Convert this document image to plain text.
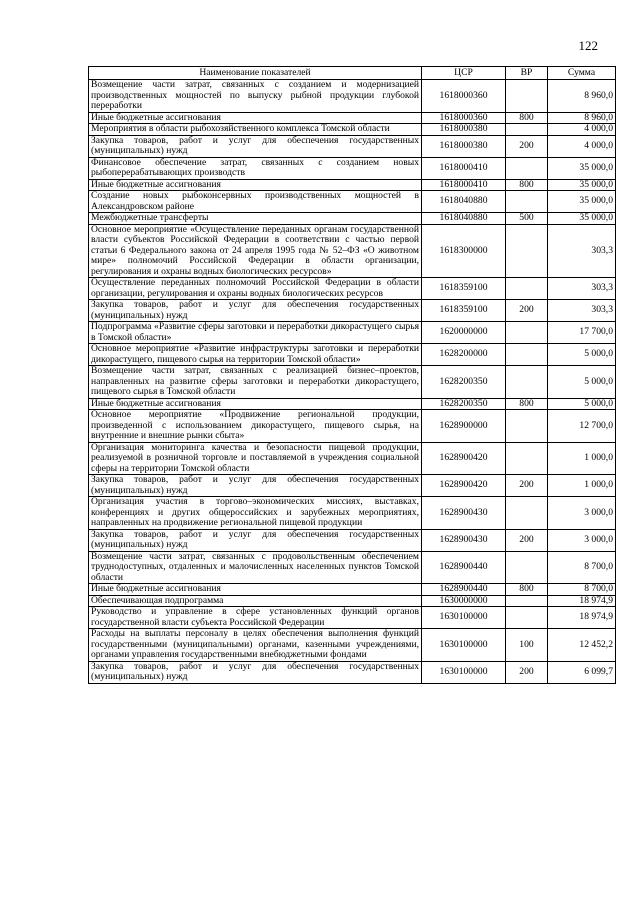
122
Наименование показателей	ЦСР	ВР	Сумма
Возмещение части затрат, связанных с созданием и модернизацией производственных мощностей по выпуску рыбной продукции глубокой переработки	1618000360		8 960,0
Иные бюджетные ассигнования	1618000360	800	8 960,0
Мероприятия в области рыбохозяйственного комплекса Томской области	1618000380		4 000,0
Закупка товаров, работ и услуг для обеспечения государственных (муниципальных) нужд	1618000380	200	4 000,0
Финансовое обеспечение затрат, связанных с созданием новых рыбоперерабатывающих производств	1618000410		35 000,0
Иные бюджетные ассигнования	1618000410	800	35 000,0
Создание новых рыбоконсервных производственных мощностей в Александровском районе	1618040880		35 000,0
Межбюджетные трансферты	1618040880	500	35 000,0
Основное мероприятие «Осуществление переданных органам государственной власти субъектов Российской Федерации в соответствии с частью первой статьи 6 Федерального закона от 24 апреля 1995 года № 52–ФЗ «О животном мире» полномочий Российской Федерации в области организации, регулирования и охраны водных биологических ресурсов»	1618300000		303,3
Осуществление переданных полномочий Российской Федерации в области организации, регулирования и охраны водных биологических ресурсов	1618359100		303,3
Закупка товаров, работ и услуг для обеспечения государственных (муниципальных) нужд	1618359100	200	303,3
Подпрограмма «Развитие сферы заготовки и переработки дикорастущего сырья в Томской области»	1620000000		17 700,0
Основное мероприятие «Развитие инфраструктуры заготовки и переработки дикорастущего, пищевого сырья на территории Томской области»	1628200000		5 000,0
Возмещение части затрат, связанных с реализацией бизнес–проектов, направленных на развитие сферы заготовки и переработки дикорастущего, пищевого сырья в Томской области	1628200350		5 000,0
Иные бюджетные ассигнования	1628200350	800	5 000,0
Основное мероприятие «Продвижение региональной продукции, произведенной с использованием дикорастущего, пищевого сырья, на внутренние и внешние рынки сбыта»	1628900000		12 700,0
Организация мониторинга качества и безопасности пищевой продукции, реализуемой в розничной торговле и поставляемой в учреждения социальной сферы на территории Томской области	1628900420		1 000,0
Закупка товаров, работ и услуг для обеспечения государственных (муниципальных) нужд	1628900420	200	1 000,0
Организация участия в торгово–экономических миссиях, выставках, конференциях и других общероссийских и зарубежных мероприятиях, направленных на продвижение региональной пищевой продукции	1628900430		3 000,0
Закупка товаров, работ и услуг для обеспечения государственных (муниципальных) нужд	1628900430	200	3 000,0
Возмещение части затрат, связанных с продовольственным обеспечением труднодоступных, отдаленных и малочисленных населенных пунктов Томской области	1628900440		8 700,0
Иные бюджетные ассигнования	1628900440	800	8 700,0
Обеспечивающая подпрограмма	1630000000		18 974,9
Руководство и управление в сфере установленных функций органов государственной власти субъекта Российской Федерации	1630100000		18 974,9
Расходы на выплаты персоналу в целях обеспечения выполнения функций государственными (муниципальными) органами, казенными учреждениями, органами управления государственными внебюджетными фондами	1630100000	100	12 452,2
Закупка товаров, работ и услуг для обеспечения государственных (муниципальных) нужд	1630100000	200	6 099,7
